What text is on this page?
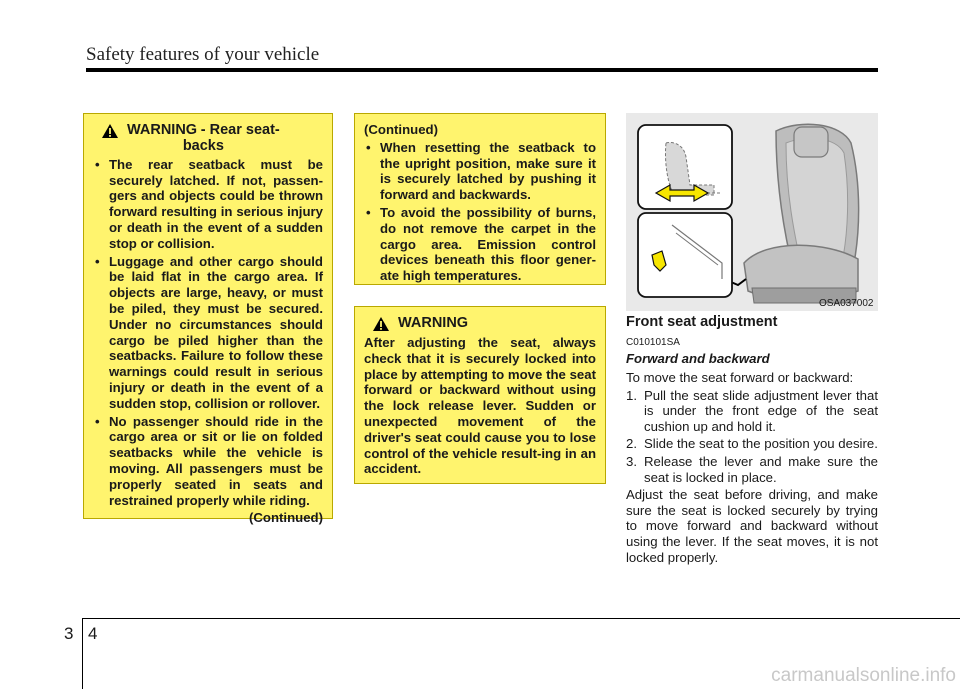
Safety features of your vehicle
WARNING - Rear seat-
backs
• The rear seatback must be securely latched. If not, passen-gers and objects could be thrown forward resulting in serious injury or death in the event of a sudden stop or collision.
• Luggage and other cargo should be laid flat in the cargo area. If objects are large, heavy, or must be piled, they must be secured. Under no circumstances should cargo be piled higher than the seatbacks. Failure to follow these warnings could result in serious injury or death in the event of a sudden stop, collision or rollover.
• No passenger should ride in the cargo area or sit or lie on folded seatbacks while the vehicle is moving. All passengers must be properly seated in seats and restrained properly while riding.
(Continued)
(Continued)
• When resetting the seatback to the upright position, make sure it is securely latched by pushing it forward and backwards.
• To avoid the possibility of burns, do not remove the carpet in the cargo area. Emission control devices beneath this floor gener-ate high temperatures.
WARNING
After adjusting the seat, always check that it is securely locked into place by attempting to move the seat forward or backward without using the lock release lever. Sudden or unexpected movement of the driver's seat could cause you to lose control of the vehicle result-ing in an accident.
OSA037002
Front seat adjustment
C010101SA
Forward and backward

To move the seat forward or backward:

1. Pull the seat slide adjustment lever that is under the front edge of the seat cushion up and hold it.
2. Slide the seat to the position you desire.
3. Release the lever and make sure the seat is locked in place.

Adjust the seat before driving, and make sure the seat is locked securely by trying to move forward and backward without using the lever. If the seat moves, it is not locked properly.

3 4
carmanualsonline.info
